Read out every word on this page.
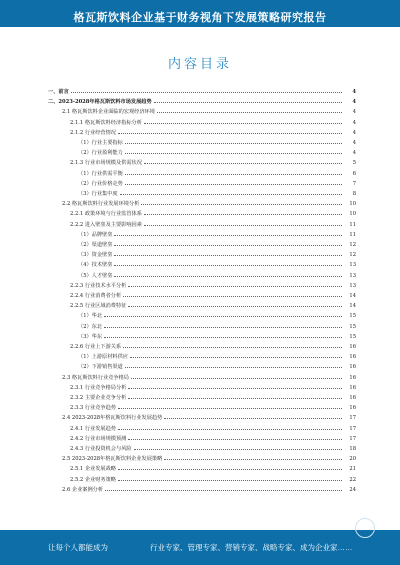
格瓦斯饮料企业基于财务视角下发展策略研究报告
内容目录
一、前言	4
二、2023-2028年格瓦斯饮料市场发展趋势	4
2.1 格瓦斯饮料企业面临的宏观经济环境	4
2.1.1 格瓦斯饮料经济指标分析	4
2.1.2 行业经营情况	4
（1）行业主要指标	4
（2）行业盈利能力	4
2.1.3 行业市场规模及供需状况	5
（1）行业供需平衡	6
（2）行业价格走势	7
（3）行业集中度	8
2.2 格瓦斯饮料行业发展环境分析	10
2.2.1 政策环境与行业监管体系	10
2.2.2 进入壁垒及主要影响因素	11
（1）品牌壁垒	11
（2）渠道壁垒	12
（3）资金壁垒	12
（4）技术壁垒	13
（5）人才壁垒	13
2.2.3 行业技术水平分析	13
2.2.4 行业消费者分析	14
2.2.5 行业区域消费特征	14
（1）华北	15
（2）东北	15
（3）华东	15
2.2.6 行业上下游关系	16
（1）上游原材料供应	16
（2）下游销售渠道	16
2.3 格瓦斯饮料行业竞争格局	16
2.3.1 行业竞争格局分析	16
2.3.2 主要企业竞争分析	16
2.3.3 行业竞争趋势	16
2.4 2023-2028年格瓦斯饮料行业发展趋势	17
2.4.1 行业发展趋势	17
2.4.2 行业市场规模预测	17
2.4.3 行业投资机会与风险	18
2.5 2023-2028年格瓦斯饮料企业发展策略	20
2.5.1 企业发展战略	21
2.5.2 企业财务策略	22
2.6 企业案例分析	24
让每个人都能成为	行业专家、管理专家、营销专家、战略专家、成为企业家……
